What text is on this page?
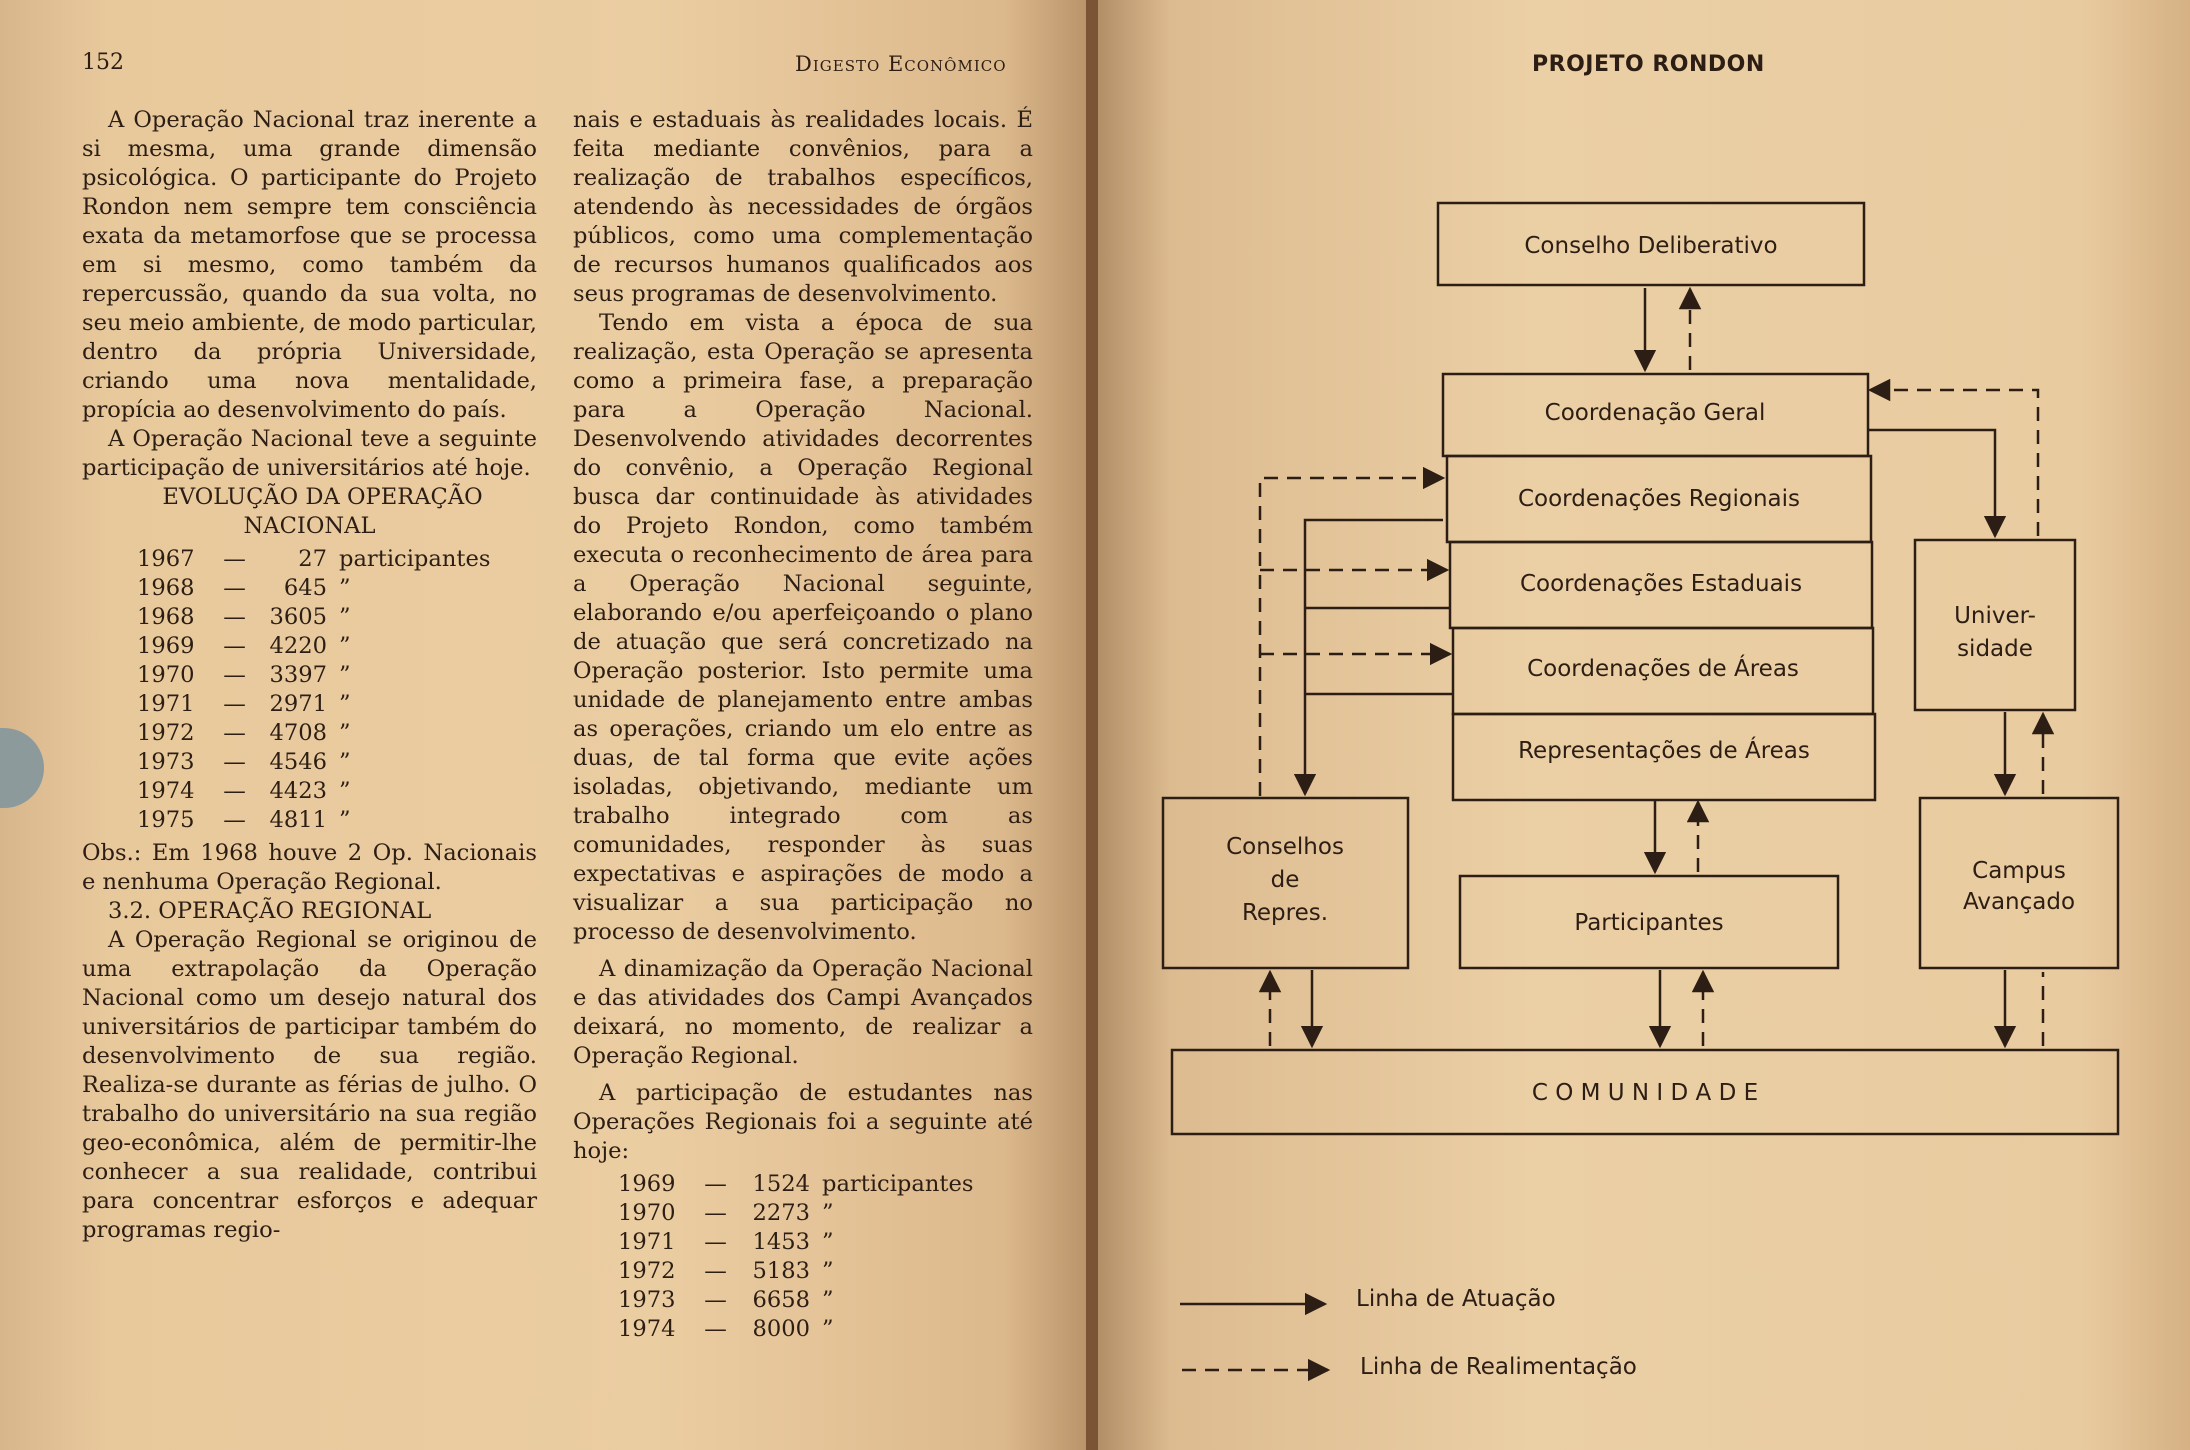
152	Digesto Econômico

A Operação Nacional traz inerente a si mesma, uma grande dimensão psicológica. O participante do Projeto Rondon nem sempre tem consciência exata da metamorfose que se processa em si mesmo, como também da repercussão, quando da sua volta, no seu meio ambiente, de modo particular, dentro da própria Universidade, criando uma nova mentalidade, propícia ao desenvolvimento do país.

A Operação Nacional teve a seguinte participação de universitários até hoje.

EVOLUÇÃO DA OPERAÇÃO
NACIONAL

1967	—	27 participantes
1968	—	645 ”
1968	—	3605 ”
1969	—	4220 ”
1970	—	3397 ”
1971	—	2971 ”
1972	—	4708 ”
1973	—	4546 ”
1974	—	4423 ”
1975	—	4811 ”

Obs.: Em 1968 houve 2 Op. Nacionais e nenhuma Operação Regional.

3.2. OPERAÇÃO REGIONAL

A Operação Regional se originou de uma extrapolação da Operação Nacional como um desejo natural dos universitários de participar também do desenvolvimento de sua região. Realiza-se durante as férias de julho. O trabalho do universitário na sua região geo-econômica, além de permitir-lhe conhecer a sua realidade, contribui para concentrar esforços e adequar programas regio-

nais e estaduais às realidades locais. É feita mediante convênios, para a realização de trabalhos específicos, atendendo às necessidades de órgãos públicos, como uma complementação de recursos humanos qualificados aos seus programas de desenvolvimento.

Tendo em vista a época de sua realização, esta Operação se apresenta como a primeira fase, a preparação para a Operação Nacional. Desenvolvendo atividades decorrentes do convênio, a Operação Regional busca dar continuidade às atividades do Projeto Rondon, como também executa o reconhecimento de área para a Operação Nacional seguinte, elaborando e/ou aperfeiçoando o plano de atuação que será concretizado na Operação posterior. Isto permite uma unidade de planejamento entre ambas as operações, criando um elo entre as duas, de tal forma que evite ações isoladas, objetivando, mediante um trabalho integrado com as comunidades, responder às suas expectativas e aspirações de modo a visualizar a sua participação no processo de desenvolvimento.

A dinamização da Operação Nacional e das atividades dos Campi Avançados deixará, no momento, de realizar a Operação Regional.

A participação de estudantes nas Operações Regionais foi a seguinte até hoje:

1969	—	1524 participantes
1970	—	2273 ”
1971	—	1453 ”
1972	—	5183 ”
1973	—	6658 ”
1974	—	8000 ”
PROJETO RONDON
Conselho Deliberativo
Coordenação Geral
Coordenações Regionais
Coordenações Estaduais
Coordenações de Áreas
Representações de Áreas
Univer-
sidade
Conselhos
de
Repres.	Participantes
Campus
Avançado
C O M U N I D A D E
Linha de Atuação
Linha de Realimentação
